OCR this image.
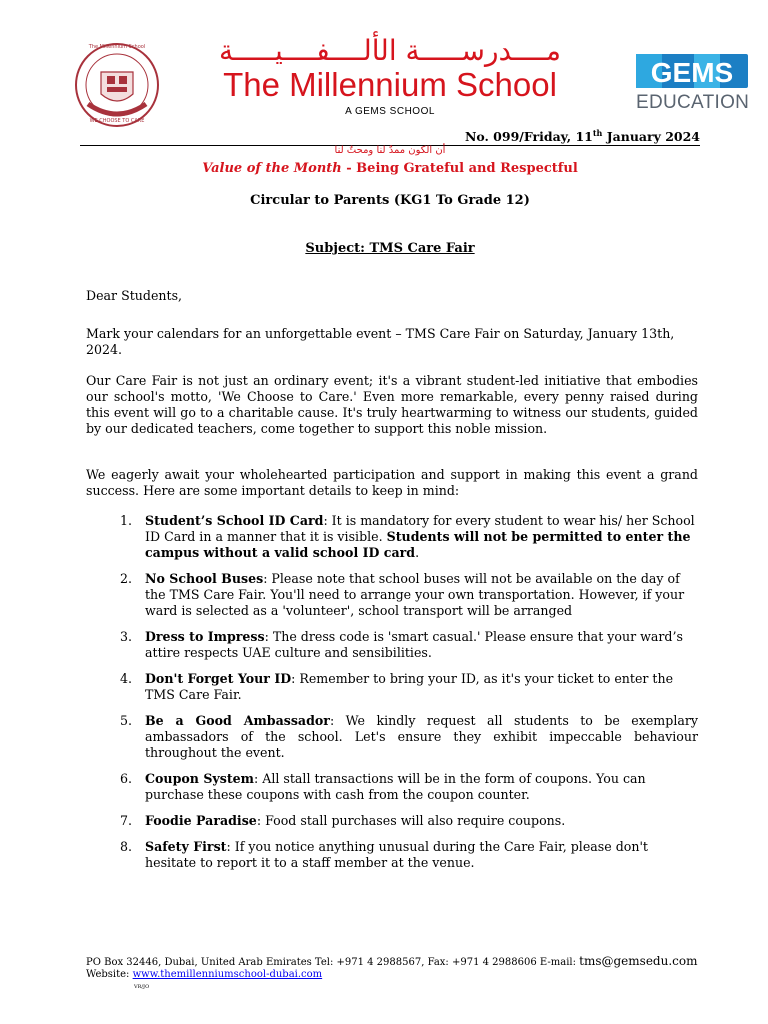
The Millennium School
WE CHOOSE TO CARE
مــــدرســـــة الألــــفــــيـــــة
The Millennium School
A GEMS SCHOOL
GEMS
EDUCATION
No. 099/Friday, 11th January 2024
أن الكون ممدٌ لنا ومحتٌ لنا
Value of the Month - Being Grateful and Respectful
Circular to Parents (KG1 To Grade 12)
Subject: TMS Care Fair
Dear Students,
Mark your calendars for an unforgettable event – TMS Care Fair on Saturday, January 13th, 2024.
Our Care Fair is not just an ordinary event; it's a vibrant student-led initiative that embodies our school's motto, 'We Choose to Care.' Even more remarkable, every penny raised during this event will go to a charitable cause. It's truly heartwarming to witness our students, guided by our dedicated teachers, come together to support this noble mission.
We eagerly await your wholehearted participation and support in making this event a grand success. Here are some important details to keep in mind:
1. Student’s School ID Card: It is mandatory for every student to wear his/ her School ID Card in a manner that it is visible. Students will not be permitted to enter the campus without a valid school ID card.
2. No School Buses: Please note that school buses will not be available on the day of the TMS Care Fair. You'll need to arrange your own transportation. However, if your ward is selected as a 'volunteer', school transport will be arranged
3. Dress to Impress: The dress code is 'smart casual.' Please ensure that your ward’s attire respects UAE culture and sensibilities.
4. Don't Forget Your ID: Remember to bring your ID, as it's your ticket to enter the TMS Care Fair.
5. Be a Good Ambassador: We kindly request all students to be exemplary ambassadors of the school. Let's ensure they exhibit impeccable behaviour throughout the event.
6. Coupon System: All stall transactions will be in the form of coupons. You can purchase these coupons with cash from the coupon counter.
7. Foodie Paradise: Food stall purchases will also require coupons.
8. Safety First: If you notice anything unusual during the Care Fair, please don't hesitate to report it to a staff member at the venue.
PO Box 32446, Dubai, United Arab Emirates Tel: +971 4 2988567, Fax: +971 4 2988606 E-mail: tms@gemsedu.com
Website: www.themillenniumschool-dubai.com
VR/JO
